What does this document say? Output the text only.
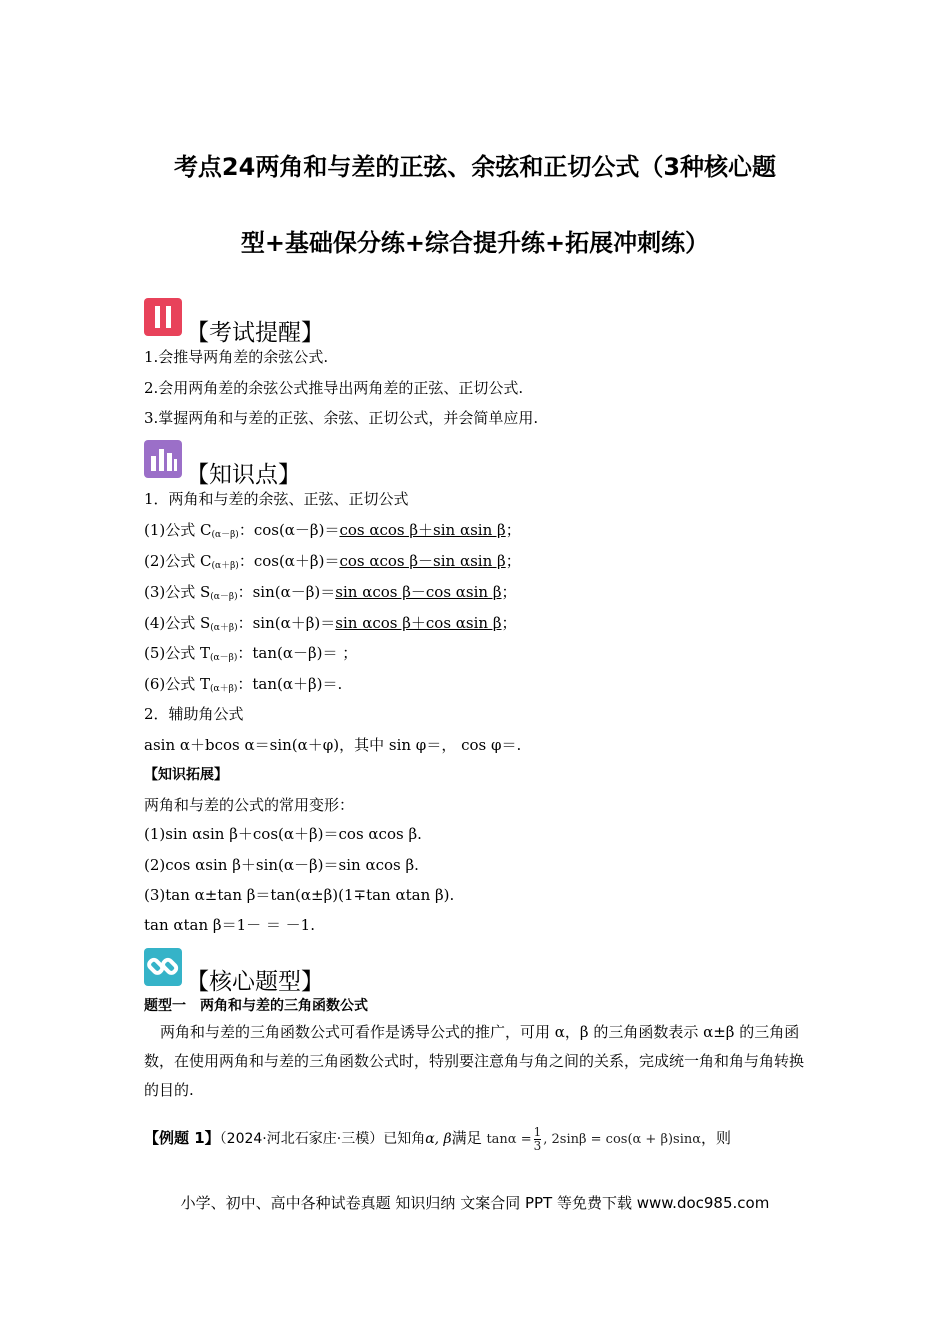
考点24两角和与差的正弦、余弦和正切公式（3种核心题
型+基础保分练+综合提升练+拓展冲刺练）
【考试提醒】
1.会推导两角差的余弦公式.
2.会用两角差的余弦公式推导出两角差的正弦、正切公式.
3.掌握两角和与差的正弦、余弦、正切公式，并会简单应用.
【知识点】
1．两角和与差的余弦、正弦、正切公式
(1)公式 $C_{(\alpha-\beta)}$：cos(α－β)＝cos αcos β＋sin αsin β；
(2)公式 $C_{(\alpha+\beta)}$：cos(α＋β)＝cos αcos β－sin αsin β；
(3)公式 $S_{(\alpha-\beta)}$：sin(α－β)＝sin αcos β－cos αsin β；
(4)公式 $S_{(\alpha+\beta)}$：sin(α＋β)＝sin αcos β＋cos αsin β；
(5)公式 $T_{(\alpha-\beta)}$：tan(α－β)＝ ；
(6)公式 $T_{(\alpha+\beta)}$：tan(α＋β)＝.
2．辅助角公式
asin α＋bcos α＝sin(α＋φ)，其中 sin φ＝， cos φ＝.
【知识拓展】
两角和与差的公式的常用变形：
(1)sin αsin β＋cos(α＋β)＝cos αcos β.
(2)cos αsin β＋sin(α－β)＝sin αcos β.
(3)tan α±tan β＝tan(α±β)(1∓tan αtan β).
tan αtan β＝1－ ＝ －1.
【核心题型】
题型一　两角和与差的三角函数公式
两角和与差的三角函数公式可看作是诱导公式的推广，可用 α，β 的三角函数表示 α±β 的三角函数，在使用两角和与差的三角函数公式时，特别要注意角与角之间的关系，完成统一角和角与角转换的目的.
【例题 1】（2024·河北石家庄·三模）已知角α, β满足 $\tan\alpha = \frac{1}{3}$ , 2sinβ = cos(α + β)sinα，则
小学、初中、高中各种试卷真题 知识归纳 文案合同 PPT 等免费下载 www.doc985.com
